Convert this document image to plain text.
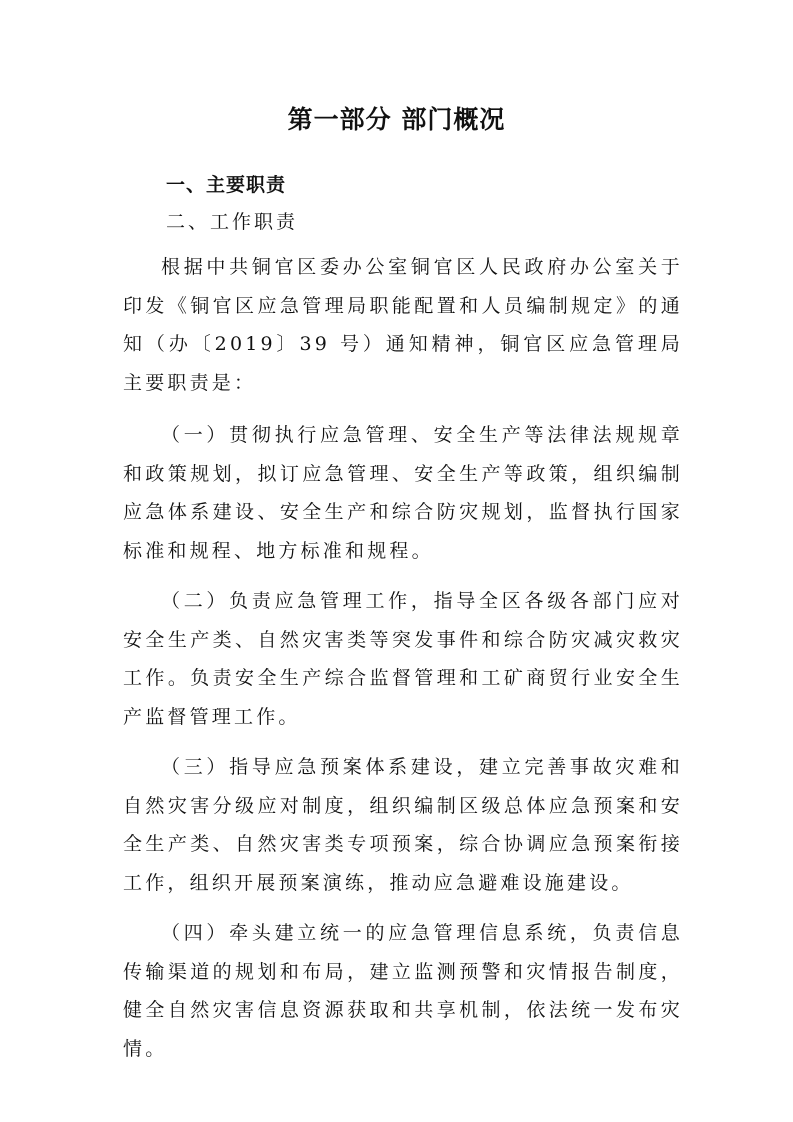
第一部分 部门概况
一、主要职责
二、工作职责

根据中共铜官区委办公室铜官区人民政府办公室关于印发《铜官区应急管理局职能配置和人员编制规定》的通知（办〔2019〕39 号）通知精神，铜官区应急管理局主要职责是：

（一）贯彻执行应急管理、安全生产等法律法规规章和政策规划，拟订应急管理、安全生产等政策，组织编制应急体系建设、安全生产和综合防灾规划，监督执行国家标准和规程、地方标准和规程。

（二）负责应急管理工作，指导全区各级各部门应对安全生产类、自然灾害类等突发事件和综合防灾减灾救灾工作。负责安全生产综合监督管理和工矿商贸行业安全生产监督管理工作。

（三）指导应急预案体系建设，建立完善事故灾难和自然灾害分级应对制度，组织编制区级总体应急预案和安全生产类、自然灾害类专项预案，综合协调应急预案衔接工作，组织开展预案演练，推动应急避难设施建设。

（四）牵头建立统一的应急管理信息系统，负责信息传输渠道的规划和布局，建立监测预警和灾情报告制度，健全自然灾害信息资源获取和共享机制，依法统一发布灾情。
